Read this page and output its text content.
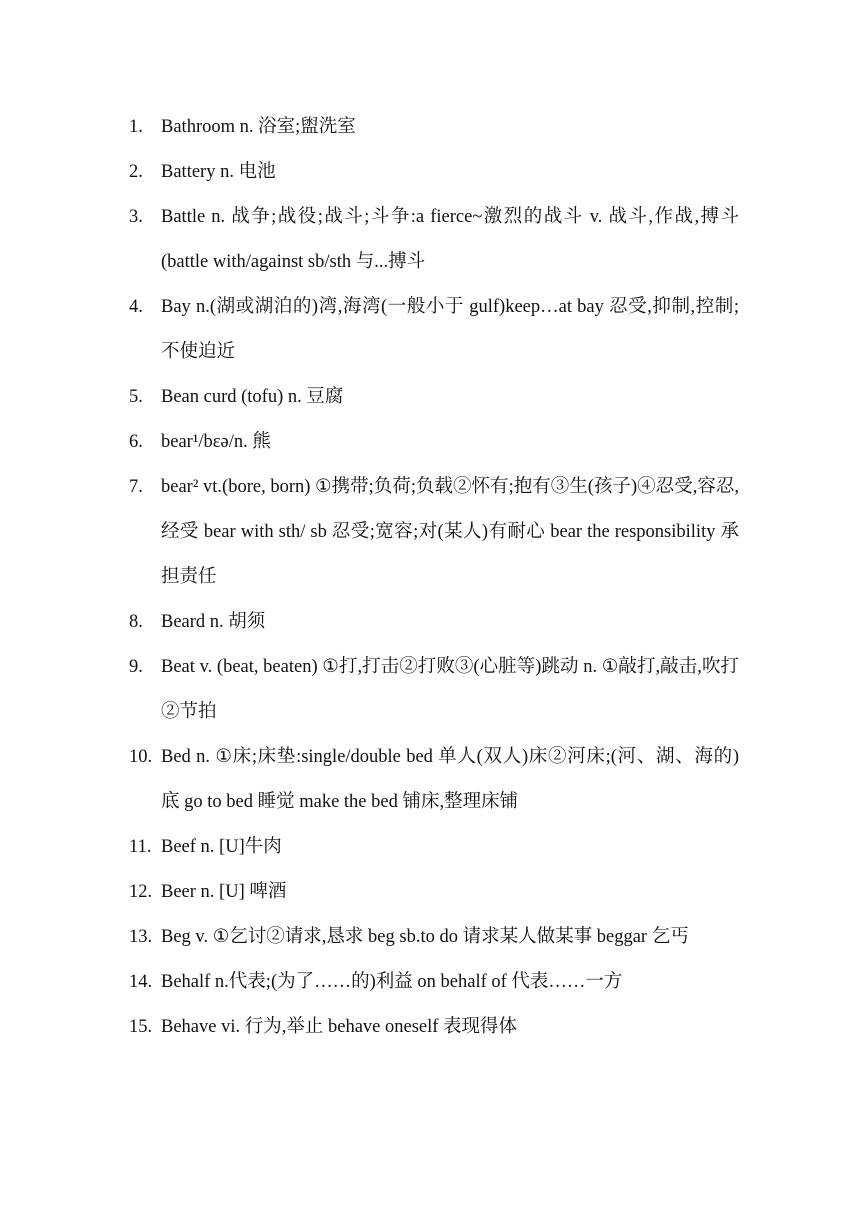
1. Bathroom n. 浴室;盥洗室
2. Battery n. 电池
3. Battle n. 战争;战役;战斗;斗争:a fierce~激烈的战斗 v. 战斗,作战,搏斗(battle with/against sb/sth 与...搏斗
4. Bay n.(湖或湖泊的)湾,海湾(一般小于 gulf)keep…at bay 忍受,抑制,控制;不使迫近
5. Bean curd (tofu) n. 豆腐
6. bear¹/bεə/n. 熊
7. bear² vt.(bore, born) ①携带;负荷;负载②怀有;抱有③生(孩子)④忍受,容忍,经受 bear with sth/ sb 忍受;宽容;对(某人)有耐心 bear the responsibility 承担责任
8. Beard n. 胡须
9. Beat v. (beat, beaten) ①打,打击②打败③(心脏等)跳动 n. ①敲打,敲击,吹打②节拍
10. Bed n. ①床;床垫:single/double bed 单人(双人)床②河床;(河、湖、海的)底 go to bed 睡觉 make the bed 铺床,整理床铺
11. Beef n. [U]牛肉
12. Beer n. [U] 啤酒
13. Beg v. ①乞讨②请求,恳求 beg sb.to do 请求某人做某事 beggar 乞丐
14. Behalf n.代表;(为了……的)利益 on behalf of 代表……一方
15. Behave vi. 行为,举止 behave oneself 表现得体
